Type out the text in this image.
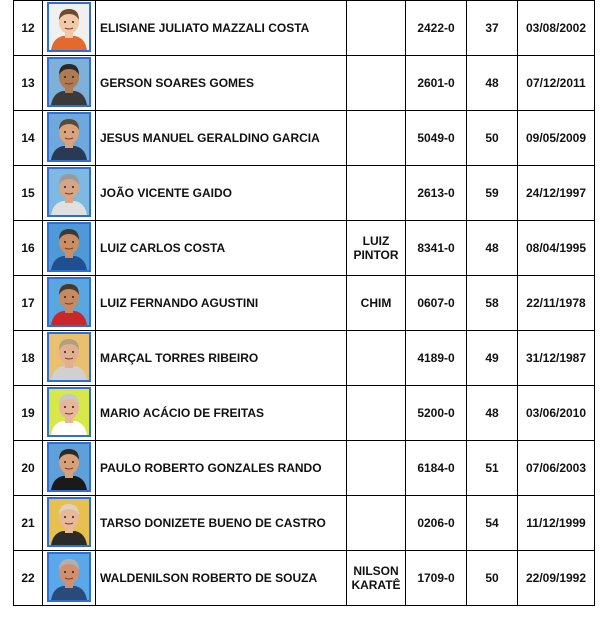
12		ELISIANE JULIATO MAZZALI COSTA		2422-0	37	03/08/2002
13		GERSON SOARES GOMES		2601-0	48	07/12/2011
14		JESUS MANUEL GERALDINO GARCIA		5049-0	50	09/05/2009
15		JOÃO VICENTE GAIDO		2613-0	59	24/12/1997
16		LUIZ CARLOS COSTA	LUIZ PINTOR	8341-0	48	08/04/1995
17		LUIZ FERNANDO AGUSTINI	CHIM	0607-0	58	22/11/1978
18		MARÇAL TORRES RIBEIRO		4189-0	49	31/12/1987
19		MARIO ACÁCIO DE FREITAS		5200-0	48	03/06/2010
20		PAULO ROBERTO GONZALES RANDO		6184-0	51	07/06/2003
21		TARSO DONIZETE BUENO DE CASTRO		0206-0	54	11/12/1999
22		WALDENILSON ROBERTO DE SOUZA	NILSON KARATÊ	1709-0	50	22/09/1992
